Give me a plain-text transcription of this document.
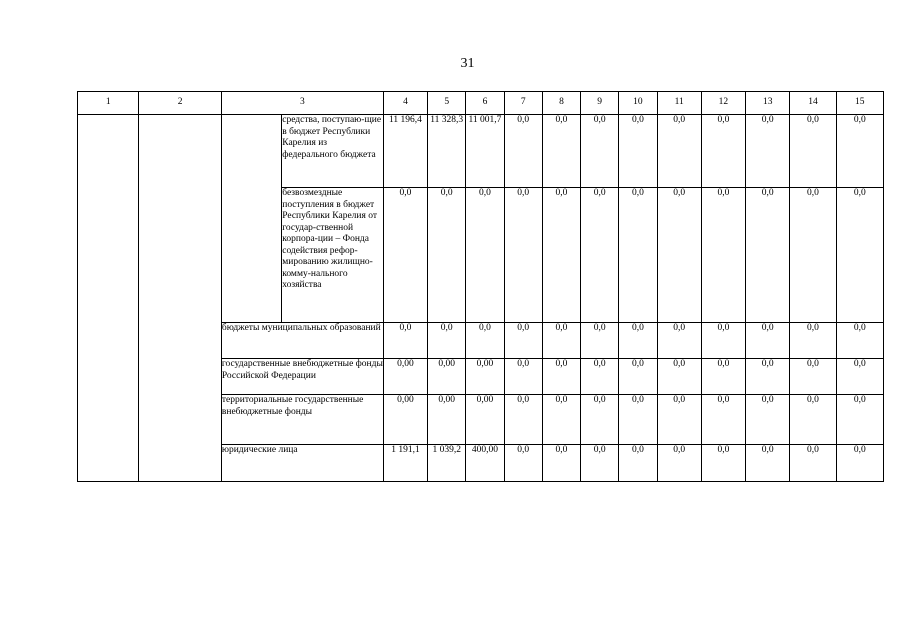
31
1	2	3		4	5	6	7	8	9	10	11	12	13	14	15
			средства, поступаю-щие в бюджет Республики Карелия из федерального бюджета	11 196,4	11 328,3	11 001,7	0,0	0,0	0,0	0,0	0,0	0,0	0,0	0,0	0,0
			безвозмездные поступления в бюджет Республики Карелия от государ-ственной корпора-ции – Фонда содействия рефор-мированию жилищно-комму-нального хозяйства	0,0	0,0	0,0	0,0	0,0	0,0	0,0	0,0	0,0	0,0	0,0	0,0
		бюджеты муниципальных образований		0,0	0,0	0,0	0,0	0,0	0,0	0,0	0,0	0,0	0,0	0,0	0,0
		государственные внебюджетные фонды Российской Федерации		0,00	0,00	0,00	0,0	0,0	0,0	0,0	0,0	0,0	0,0	0,0	0,0
		территориальные государственные внебюджетные фонды		0,00	0,00	0,00	0,0	0,0	0,0	0,0	0,0	0,0	0,0	0,0	0,0
		юридические лица		1 191,1	1 039,2	400,00	0,0	0,0	0,0	0,0	0,0	0,0	0,0	0,0	0,0
